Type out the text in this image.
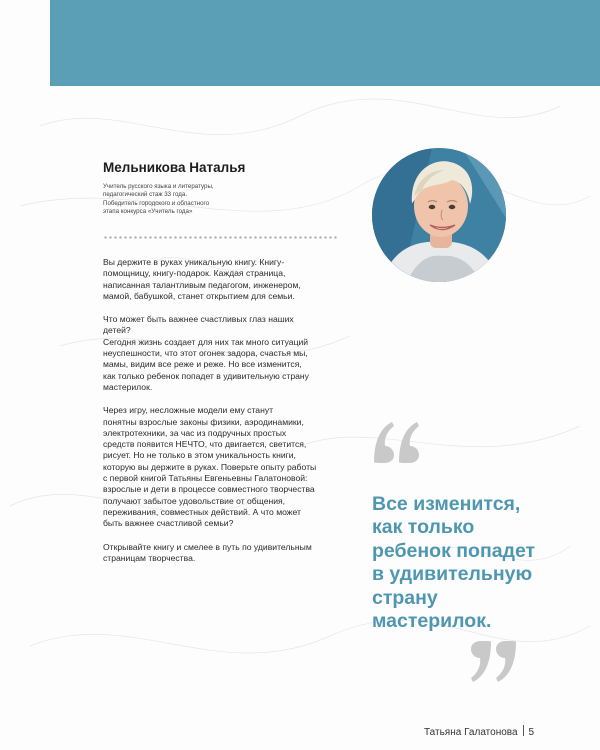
Мельникова Наталья
Учитель русского языка и литературы,
педагогический стаж 33 года.
Победитель городского и областного
этапа конкурса «Учитель года»

Вы держите в руках уникальную книгу. Книгу-
помощницу, книгу-подарок. Каждая страница,
написанная талантливым педагогом, инженером,
мамой, бабушкой, станет открытием для семьи.

Что может быть важнее счастливых глаз наших
детей?
Сегодня жизнь создает для них так много ситуаций
неуспешности, что этот огонек задора, счастья мы,
мамы, видим все реже и реже. Но все изменится,
как только ребенок попадет в удивительную страну
мастерилок.

Через игру, несложные модели ему станут
понятны взрослые законы физики, аэродинамики,
электротехники, за час из подручных простых
средств появится НЕЧТО, что двигается, светится,
рисует. Но не только в этом уникальность книги,
которую вы держите в руках. Поверьте опыту работы
с первой книгой Татьяны Евгеньевны Галатоновой:
взрослые и дети в процессе совместного творчества
получают забытое удовольствие от общения,
переживания, совместных действий. А что может
быть важнее счастливой семьи?

Открывайте книгу и смелее в путь по удивительным
страницам творчества.

Все изменится,
как только
ребенок попадет
в удивительную
страну
мастерилок.
Татьяна Галатонова 5
